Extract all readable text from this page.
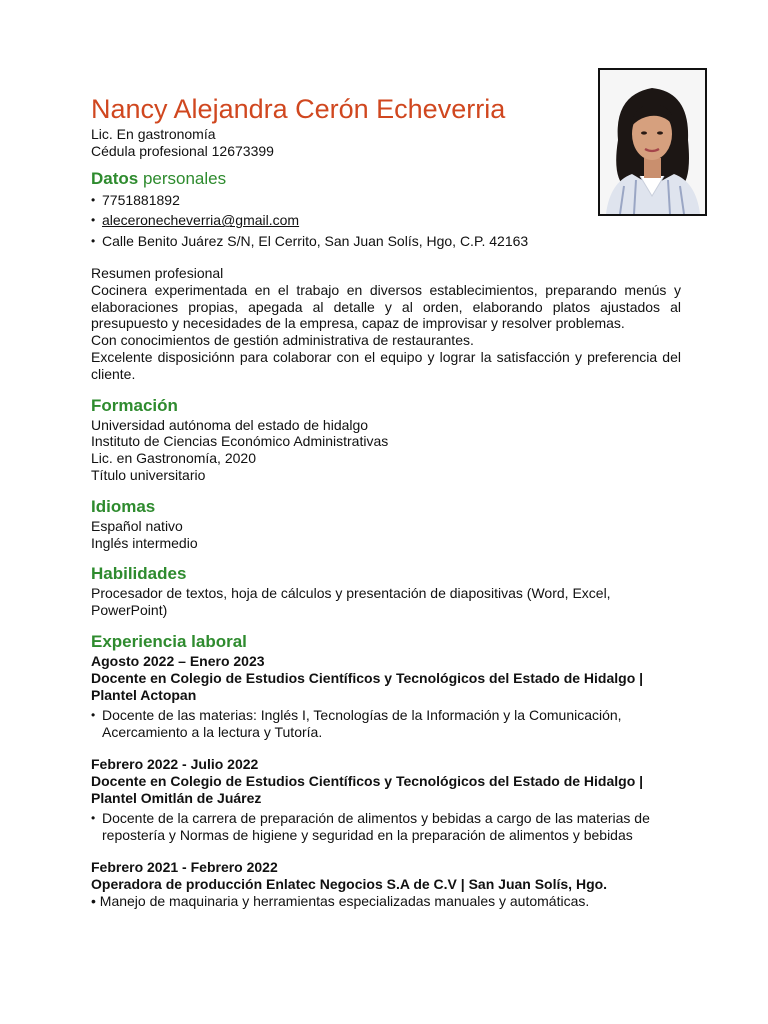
Nancy Alejandra Cerón Echeverria
Lic. En gastronomía
Cédula profesional 12673399
Datos personales
• 7751881892
• aleceronecheverria@gmail.com
• Calle Benito Juárez S/N, El Cerrito, San Juan Solís, Hgo, C.P. 42163
Resumen profesional
Cocinera experimentada en el trabajo en diversos establecimientos, preparando menús y elaboraciones propias, apegada al detalle y al orden, elaborando platos ajustados al presupuesto y necesidades de la empresa, capaz de improvisar y resolver problemas.
Con conocimientos de gestión administrativa de restaurantes.
Excelente disposiciónn para colaborar con el equipo y lograr la satisfacción y preferencia del cliente.
Formación
Universidad autónoma del estado de hidalgo
Instituto de Ciencias Económico Administrativas
Lic. en Gastronomía, 2020
Título universitario
Idiomas
Español nativo
Inglés intermedio
Habilidades
Procesador de textos, hoja de cálculos y presentación de diapositivas (Word, Excel, PowerPoint)
Experiencia laboral
Agosto 2022 – Enero 2023
Docente en Colegio de Estudios Científicos y Tecnológicos del Estado de Hidalgo | Plantel Actopan
• Docente de las materias: Inglés I, Tecnologías de la Información y la Comunicación, Acercamiento a la lectura y Tutoría.
Febrero 2022 - Julio 2022
Docente en Colegio de Estudios Científicos y Tecnológicos del Estado de Hidalgo | Plantel Omitlán de Juárez
• Docente de la carrera de preparación de alimentos y bebidas a cargo de las materias de repostería y Normas de higiene y seguridad en la preparación de alimentos y bebidas
Febrero 2021 - Febrero 2022
Operadora de producción Enlatec Negocios S.A de C.V | San Juan Solís, Hgo.
• Manejo de maquinaria y herramientas especializadas manuales y automáticas.
